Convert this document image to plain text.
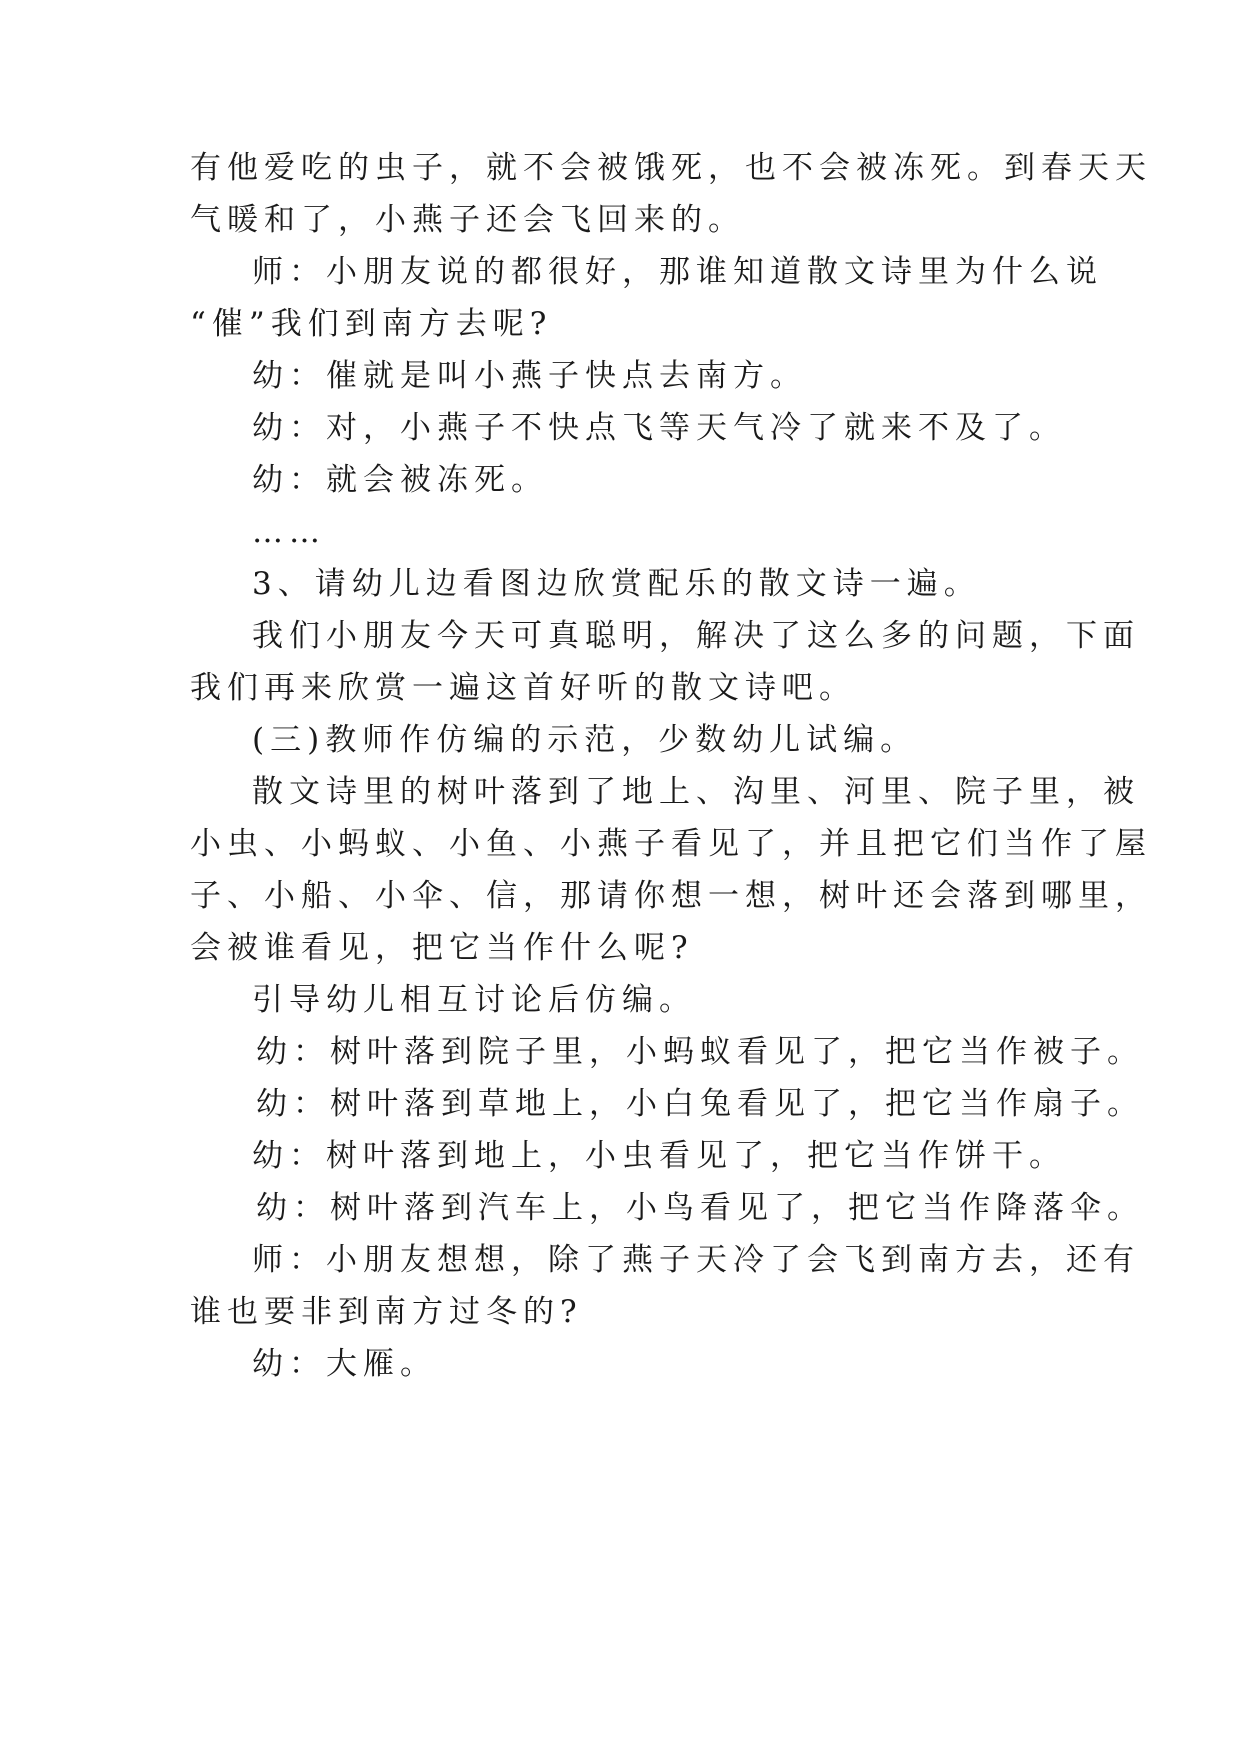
有他爱吃的虫子，就不会被饿死，也不会被冻死。到春天天
气暖和了，小燕子还会飞回来的。
师：小朋友说的都很好，那谁知道散文诗里为什么说
“催”我们到南方去呢?
幼：催就是叫小燕子快点去南方。
幼：对，小燕子不快点飞等天气冷了就来不及了。
幼：就会被冻死。
……
3、请幼儿边看图边欣赏配乐的散文诗一遍。
我们小朋友今天可真聪明，解决了这么多的问题，下面
我们再来欣赏一遍这首好听的散文诗吧。
(三)教师作仿编的示范，少数幼儿试编。
散文诗里的树叶落到了地上、沟里、河里、院子里，被
小虫、小蚂蚁、小鱼、小燕子看见了，并且把它们当作了屋
子、小船、小伞、信，那请你想一想，树叶还会落到哪里，
会被谁看见，把它当作什么呢?
引导幼儿相互讨论后仿编。
幼：树叶落到院子里，小蚂蚁看见了，把它当作被子。
幼：树叶落到草地上，小白兔看见了，把它当作扇子。
幼：树叶落到地上，小虫看见了，把它当作饼干。
幼：树叶落到汽车上，小鸟看见了，把它当作降落伞。
师：小朋友想想，除了燕子天冷了会飞到南方去，还有
谁也要非到南方过冬的?
幼：大雁。
